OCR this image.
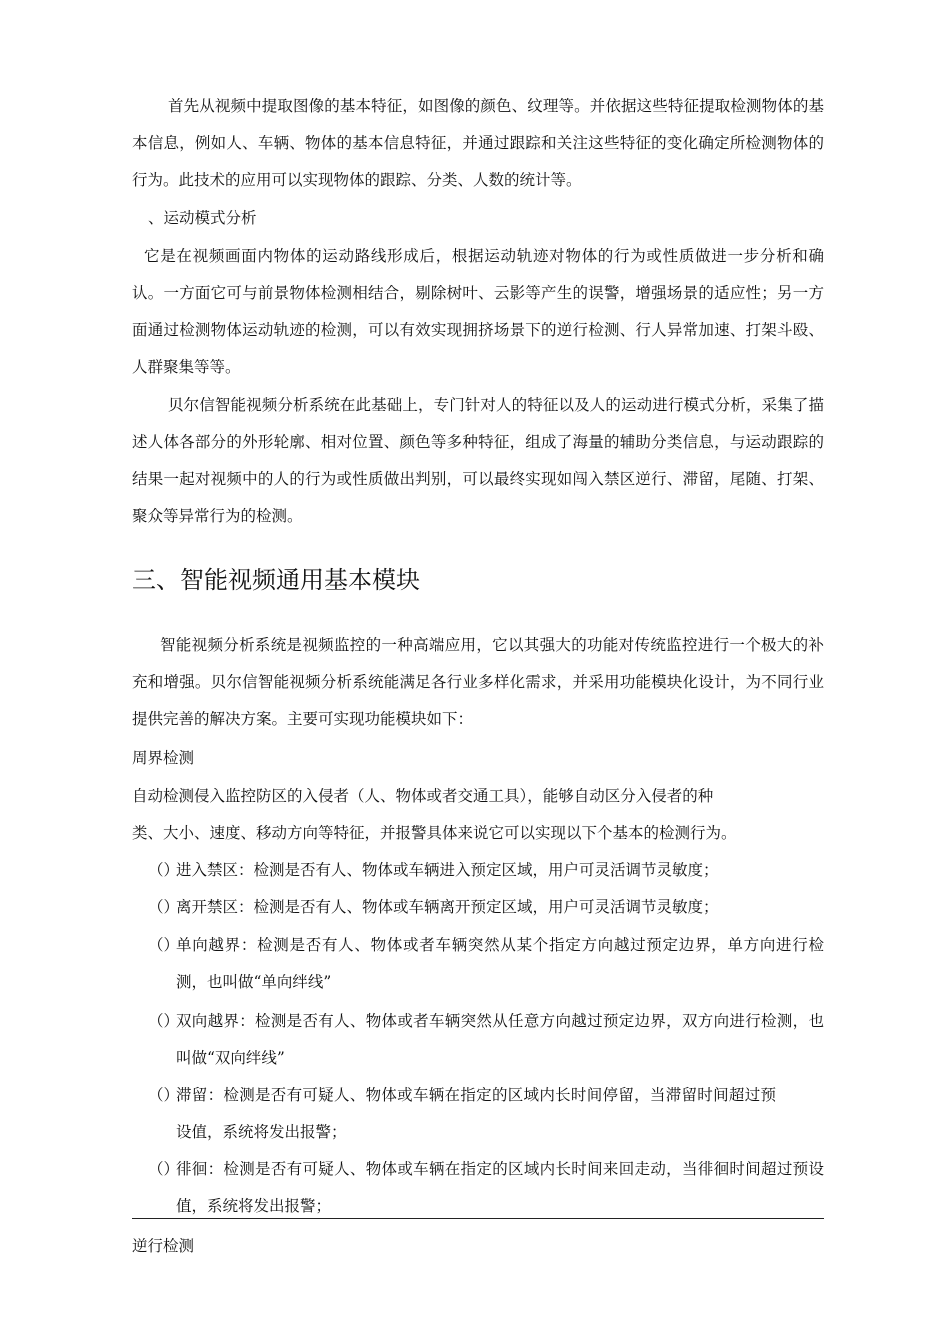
首先从视频中提取图像的基本特征，如图像的颜色、纹理等。并依据这些特征提取检测物体的基本信息，例如人、车辆、物体的基本信息特征，并通过跟踪和关注这些特征的变化确定所检测物体的行为。此技术的应用可以实现物体的跟踪、分类、人数的统计等。

、运动模式分析

它是在视频画面内物体的运动路线形成后，根据运动轨迹对物体的行为或性质做进一步分析和确认。一方面它可与前景物体检测相结合，剔除树叶、云影等产生的误警，增强场景的适应性；另一方面通过检测物体运动轨迹的检测，可以有效实现拥挤场景下的逆行检测、行人异常加速、打架斗殴、人群聚集等等。

贝尔信智能视频分析系统在此基础上，专门针对人的特征以及人的运动进行模式分析，采集了描述人体各部分的外形轮廓、相对位置、颜色等多种特征，组成了海量的辅助分类信息，与运动跟踪的结果一起对视频中的人的行为或性质做出判别，可以最终实现如闯入禁区逆行、滞留，尾随、打架、聚众等异常行为的检测。

三、智能视频通用基本模块

智能视频分析系统是视频监控的一种高端应用，它以其强大的功能对传统监控进行一个极大的补充和增强。贝尔信智能视频分析系统能满足各行业多样化需求，并采用功能模块化设计，为不同行业提供完善的解决方案。主要可实现功能模块如下：

周界检测
自动检测侵入监控防区的入侵者（人、物体或者交通工具），能够自动区分入侵者的种
类、大小、速度、移动方向等特征，并报警具体来说它可以实现以下个基本的检测行为。
（）
进入禁区：检测是否有人、物体或车辆进入预定区域，用户可灵活调节灵敏度；
（）
离开禁区：检测是否有人、物体或车辆离开预定区域，用户可灵活调节灵敏度；
（）
单向越界：检测是否有人、物体或者车辆突然从某个指定方向越过预定边界，单方向进行检测，也叫做“单向绊线”
（）
双向越界：检测是否有人、物体或者车辆突然从任意方向越过预定边界，双方向进行检测，也叫做“双向绊线”
（）
滞留：检测是否有可疑人、物体或车辆在指定的区域内长时间停留，当滞留时间超过预设值，系统将发出报警；
（）
徘徊：检测是否有可疑人、物体或车辆在指定的区域内长时间来回走动，当徘徊时间超过预设值，系统将发出报警；
逆行检测
